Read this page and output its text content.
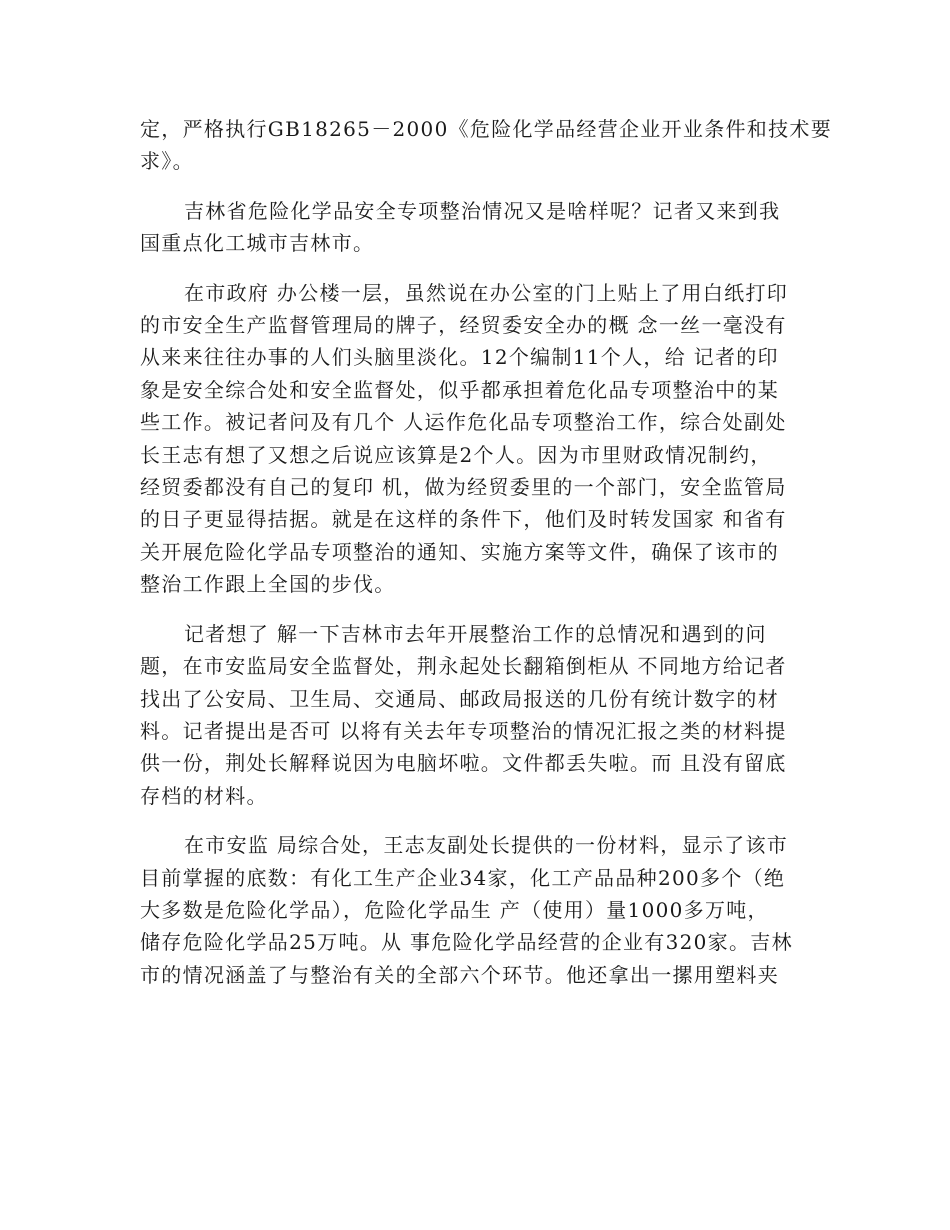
定，严格执行GB18265－2000《危险化学品经营企业开业条件和技术要
求》。
吉林省危险化学品安全专项整治情况又是啥样呢？记者又来到我
国重点化工城市吉林市。
在市政府 办公楼一层，虽然说在办公室的门上贴上了用白纸打印
的市安全生产监督管理局的牌子，经贸委安全办的概 念一丝一毫没有
从来来往往办事的人们头脑里淡化。12个编制11个人，给 记者的印
象是安全综合处和安全监督处，似乎都承担着危化品专项整治中的某
些工作。被记者问及有几个 人运作危化品专项整治工作，综合处副处
长王志有想了又想之后说应该算是2个人。因为市里财政情况制约，
经贸委都没有自己的复印 机，做为经贸委里的一个部门，安全监管局
的日子更显得拮据。就是在这样的条件下，他们及时转发国家 和省有
关开展危险化学品专项整治的通知、实施方案等文件，确保了该市的
整治工作跟上全国的步伐。
记者想了 解一下吉林市去年开展整治工作的总情况和遇到的问
题，在市安监局安全监督处，荆永起处长翻箱倒柜从 不同地方给记者
找出了公安局、卫生局、交通局、邮政局报送的几份有统计数字的材
料。记者提出是否可 以将有关去年专项整治的情况汇报之类的材料提
供一份，荆处长解释说因为电脑坏啦。文件都丢失啦。而 且没有留底
存档的材料。
在市安监 局综合处，王志友副处长提供的一份材料，显示了该市
目前掌握的底数：有化工生产企业34家，化工产品品种200多个（绝
大多数是危险化学品），危险化学品生 产（使用）量1000多万吨，
储存危险化学品25万吨。从 事危险化学品经营的企业有320家。吉林
市的情况涵盖了与整治有关的全部六个环节。他还拿出一摞用塑料夹
